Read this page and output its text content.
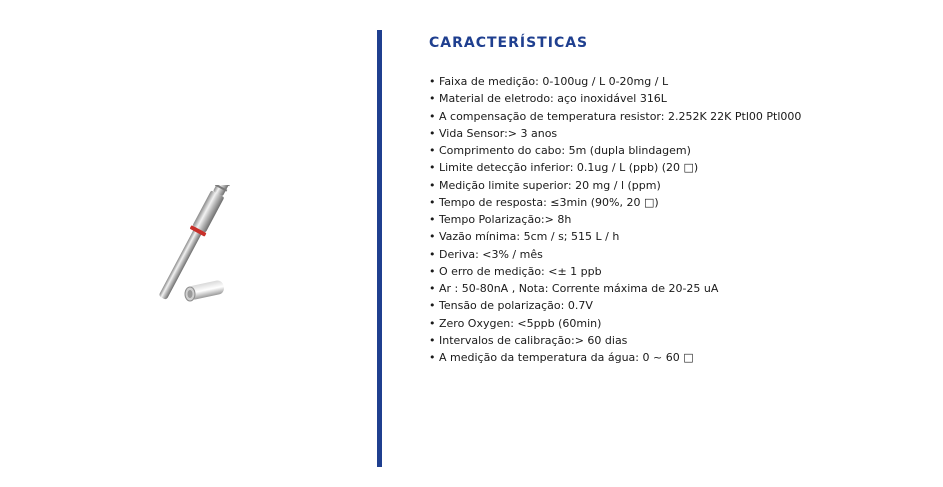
CARACTERÍSTICAS
• Faixa de medição: 0-100ug / L 0-20mg / L
• Material de eletrodo: aço inoxidável 316L
• A compensação de temperatura resistor: 2.252K 22K Ptl00 Ptl000
• Vida Sensor:> 3 anos
• Comprimento do cabo: 5m (dupla blindagem)
• Limite detecção inferior: 0.1ug / L (ppb) (20 □)
• Medição limite superior: 20 mg / l (ppm)
• Tempo de resposta: ≤3min (90%, 20 □)
• Tempo Polarização:> 8h
• Vazão mínima: 5cm / s; 515 L / h
• Deriva: <3% / mês
• O erro de medição: <± 1 ppb
• Ar : 50-80nA , Nota: Corrente máxima de 20-25 uA
• Tensão de polarização: 0.7V
• Zero Oxygen: <5ppb (60min)
• Intervalos de calibração:> 60 dias
• A medição da temperatura da água: 0 ~ 60 □
